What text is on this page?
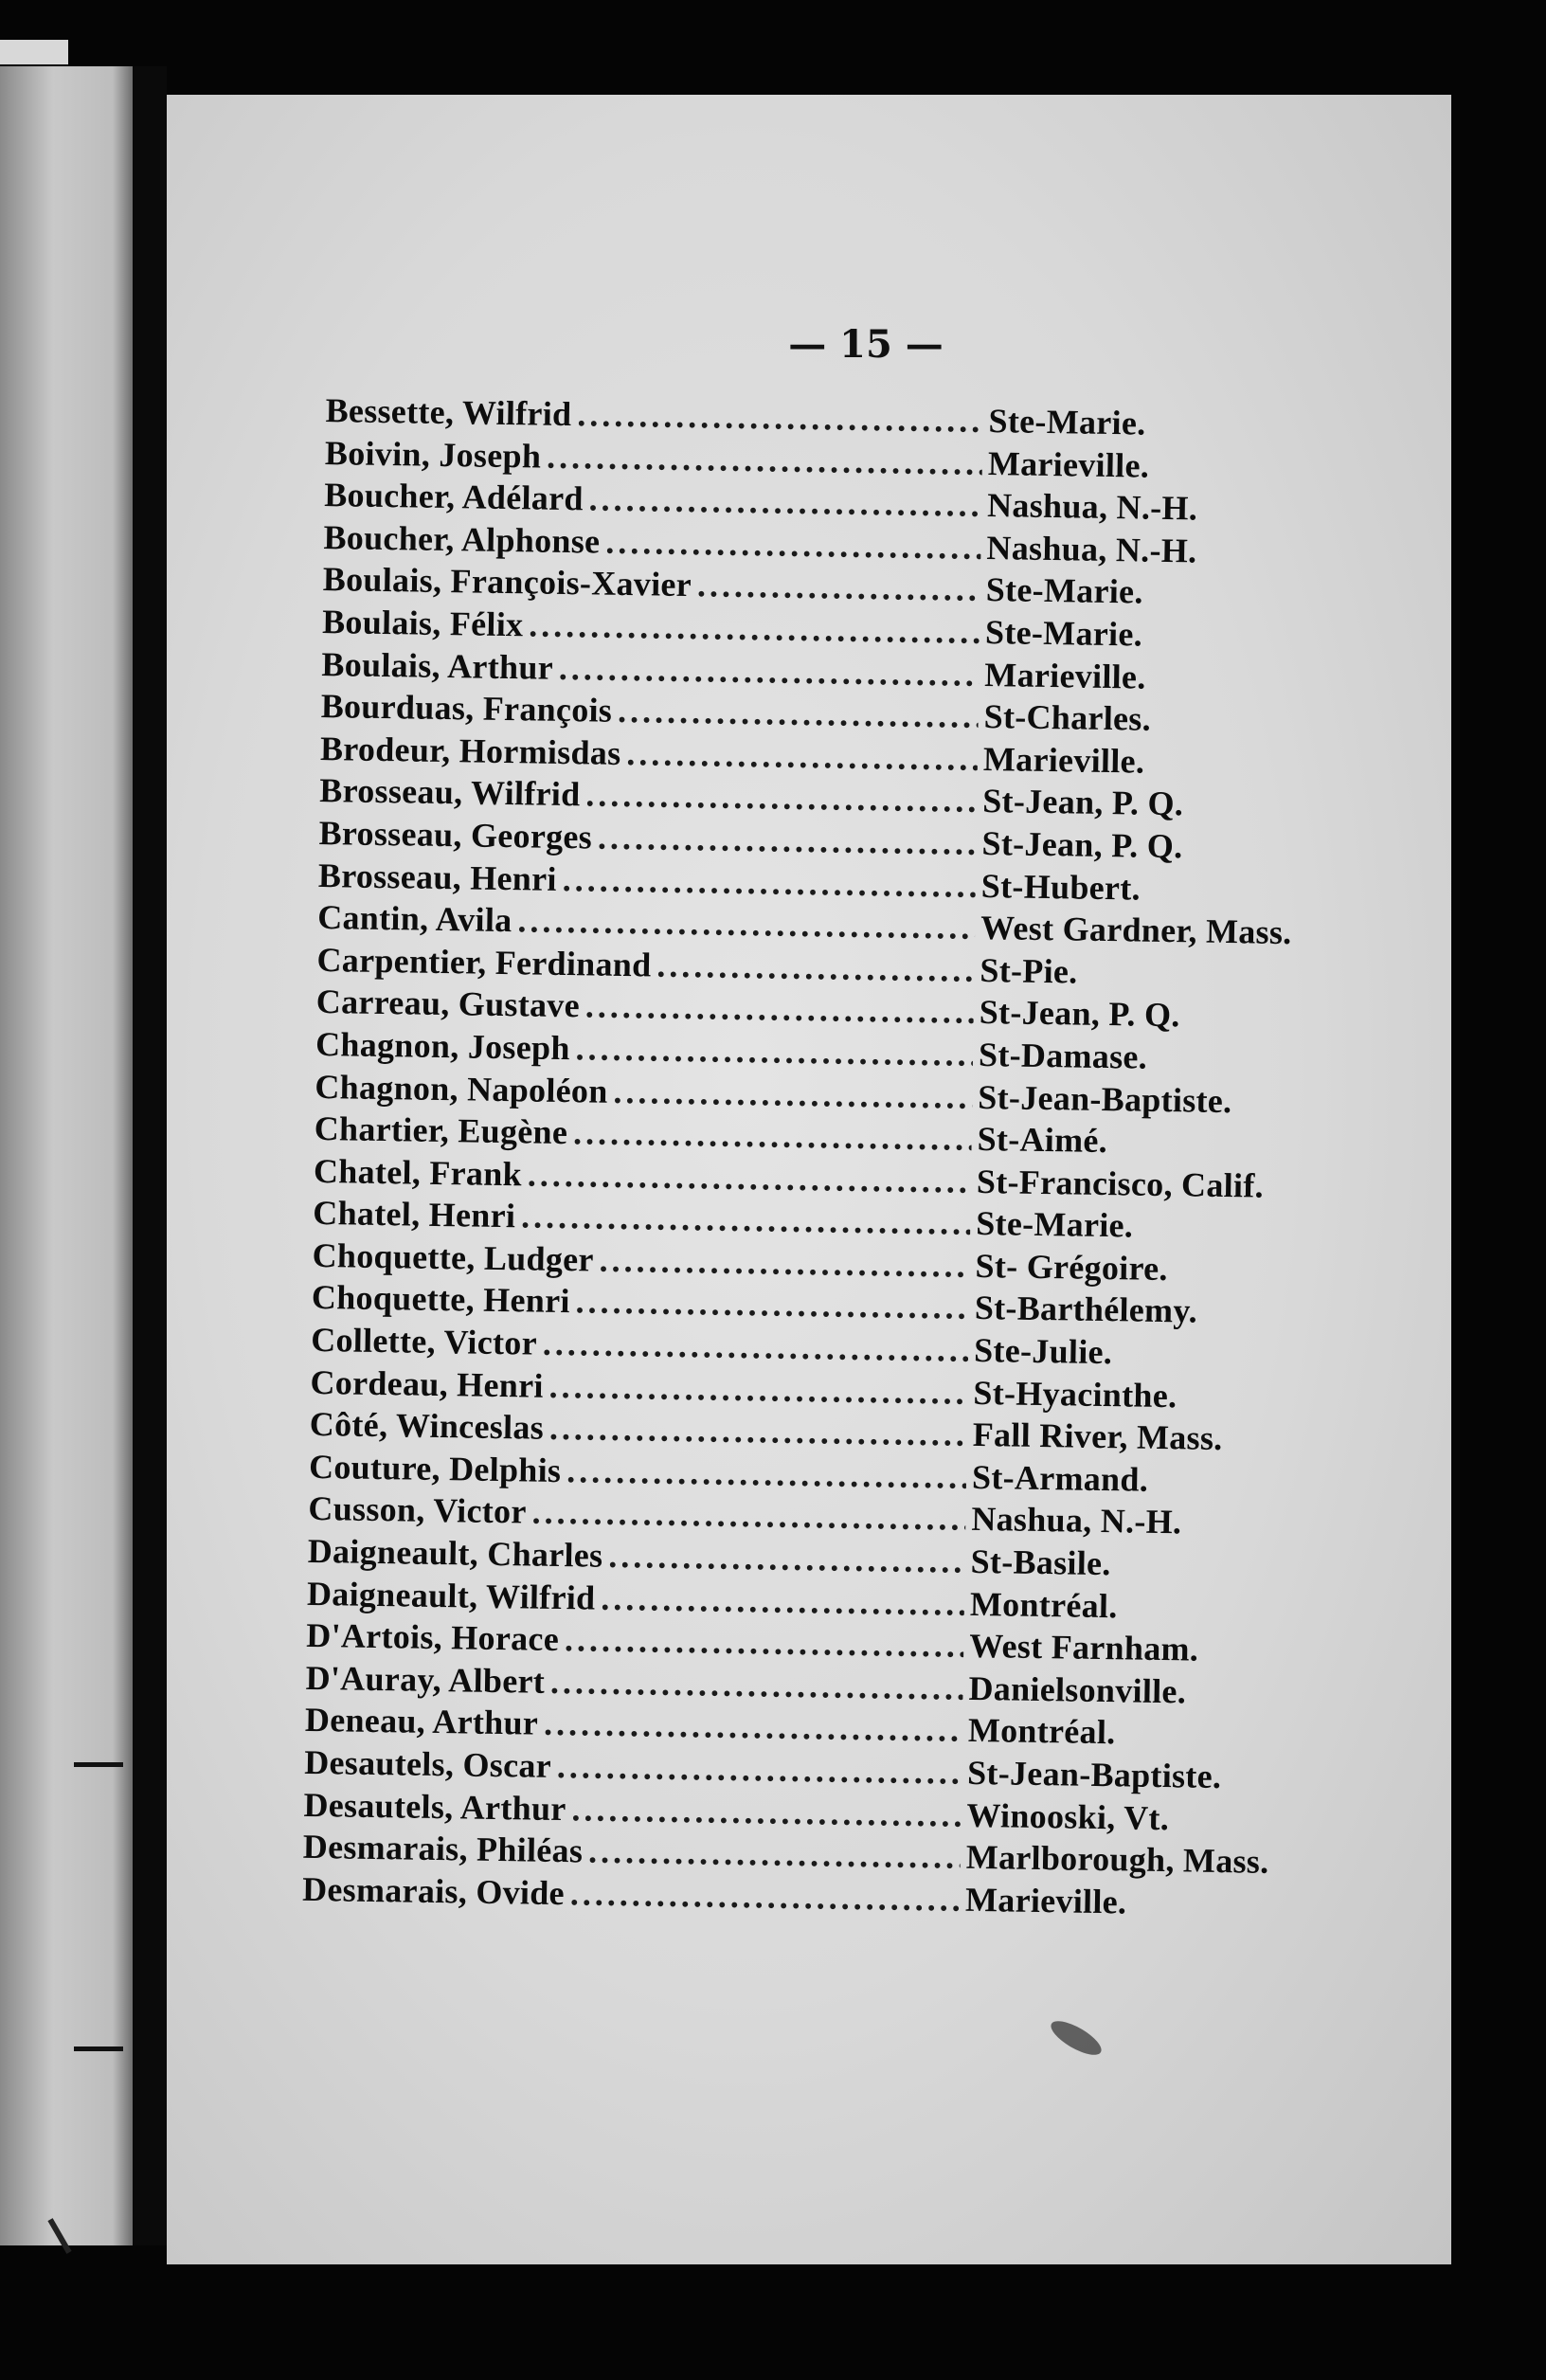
— 15 —
Bessette, Wilfrid .....	Ste-Marie.
Boivin, Joseph .....	Marieville.
Boucher, Adélard .....	Nashua, N.-H.
Boucher, Alphonse .....	Nashua, N.-H.
Boulais, François-Xavier .....	Ste-Marie.
Boulais, Félix .....	Ste-Marie.
Boulais, Arthur .....	Marieville.
Bourduas, François .....	St-Charles.
Brodeur, Hormisdas .....	Marieville.
Brosseau, Wilfrid .....	St-Jean, P. Q.
Brosseau, Georges .....	St-Jean, P. Q.
Brosseau, Henri .....	St-Hubert.
Cantin, Avila .....	West Gardner, Mass.
Carpentier, Ferdinand .....	St-Pie.
Carreau, Gustave .....	St-Jean, P. Q.
Chagnon, Joseph .....	St-Damase.
Chagnon, Napoléon .....	St-Jean-Baptiste.
Chartier, Eugène .....	St-Aimé.
Chatel, Frank .....	St-Francisco, Calif.
Chatel, Henri .....	Ste-Marie.
Choquette, Ludger .....	St- Grégoire.
Choquette, Henri .....	St-Barthélemy.
Collette, Victor .....	Ste-Julie.
Cordeau, Henri .....	St-Hyacinthe.
Côté, Winceslas .....	Fall River, Mass.
Couture, Delphis .....	St-Armand.
Cusson, Victor .....	Nashua, N.-H.
Daigneault, Charles .....	St-Basile.
Daigneault, Wilfrid .....	Montréal.
D'Artois, Horace .....	West Farnham.
D'Auray, Albert .....	Danielsonville.
Deneau, Arthur .....	Montréal.
Desautels, Oscar .....	St-Jean-Baptiste.
Desautels, Arthur .....	Winooski, Vt.
Desmarais, Philéas .....	Marlborough, Mass.
Desmarais, Ovide .....	Marieville.
